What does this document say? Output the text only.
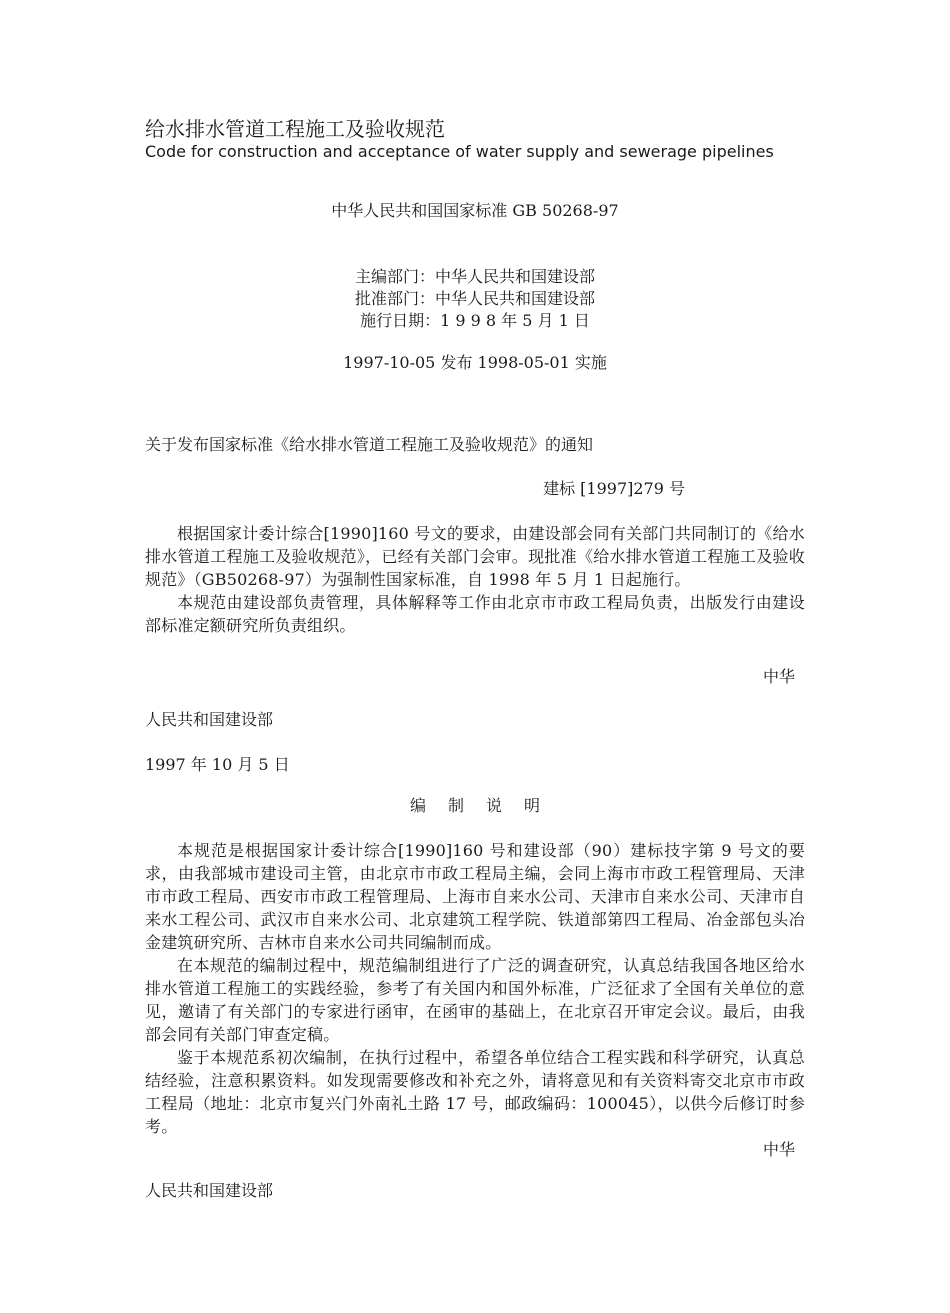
给水排水管道工程施工及验收规范
Code for construction and acceptance of water supply and sewerage pipelines
中华人民共和国国家标准 GB 50268-97
主编部门：中华人民共和国建设部
批准部门：中华人民共和国建设部
施行日期：1 9 9 8 年 5 月 1 日
1997-10-05 发布 1998-05-01 实施
关于发布国家标准《给水排水管道工程施工及验收规范》的通知
建标 [1997]279 号

根据国家计委计综合[1990]160 号文的要求，由建设部会同有关部门共同制订的《给水排水管道工程施工及验收规范》，已经有关部门会审。现批准《给水排水管道工程施工及验收规范》（GB50268-97）为强制性国家标准，自 1998 年 5 月 1 日起施行。

本规范由建设部负责管理，具体解释等工作由北京市市政工程局负责，出版发行由建设部标准定额研究所负责组织。

中华
人民共和国建设部
1997 年 10 月 5 日
编制说明

本规范是根据国家计委计综合[1990]160 号和建设部（90）建标技字第 9 号文的要求，由我部城市建设司主管，由北京市市政工程局主编，会同上海市市政工程管理局、天津市市政工程局、西安市市政工程管理局、上海市自来水公司、天津市自来水公司、天津市自来水工程公司、武汉市自来水公司、北京建筑工程学院、铁道部第四工程局、冶金部包头冶金建筑研究所、吉林市自来水公司共同编制而成。

在本规范的编制过程中，规范编制组进行了广泛的调查研究，认真总结我国各地区给水排水管道工程施工的实践经验，参考了有关国内和国外标准，广泛征求了全国有关单位的意见，邀请了有关部门的专家进行函审，在函审的基础上，在北京召开审定会议。最后，由我部会同有关部门审查定稿。

鉴于本规范系初次编制，在执行过程中，希望各单位结合工程实践和科学研究，认真总结经验，注意积累资料。如发现需要修改和补充之外，请将意见和有关资料寄交北京市市政工程局（地址：北京市复兴门外南礼土路 17 号，邮政编码：100045），以供今后修订时参考。

中华
人民共和国建设部
